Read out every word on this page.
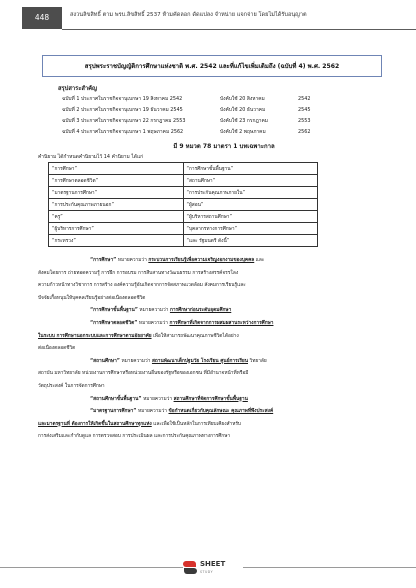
448	สงวนลิขสิทธิ์ ตาม พรบ.ลิขสิทธิ์ 2537 ห้ามคัดลอก ดัดแปลง จำหน่าย แจกจ่าย โดยไม่ได้รับอนุญาต
สรุปพระราชบัญญัติการศึกษาแห่งชาติ พ.ศ. 2542 และที่แก้ไขเพิ่มเติมถึง (ฉบับที่ 4) พ.ศ. 2562
สรุปสาระสำคัญ
ฉบับที่ 1 ประกาศในราชกิจจานุเบกษา 19 สิงหาคม 2542	บังคับใช้ 20 สิงหาคม	2542
ฉบับที่ 2 ประกาศในราชกิจจานุเบกษา 19 ธันวาคม 2545	บังคับใช้ 20 ธันวาคม	2545
ฉบับที่ 3 ประกาศในราชกิจจานุเบกษา 22 กรกฎาคม 2553	บังคับใช้ 23 กรกฎาคม	2553
ฉบับที่ 4 ประกาศในราชกิจจานุเบกษา 1 พฤษภาคม 2562	บังคับใช้ 2 พฤษภาคม	2562
มี 9 หมวด 78 มาตรา 1 บทเฉพาะกาล
คำนิยาม ได้กำหนดคำนิยามไว้ 14 คำนิยาม ได้แก่
“การศึกษา”	“การศึกษาขั้นพื้นฐาน”
“การศึกษาตลอดชีวิต”	“สถานศึกษา”
“มาตรฐานการศึกษา”	“การประกันคุณภาพภายใน”
“การประกันคุณภาพภายนอก”	“ผู้สอน”
“ครู”	“ผู้บริหารสถานศึกษา”
“ผู้บริหารการศึกษา”	“บุคลากรทางการศึกษา”
“กระทรวง”	“และ รัฐมนตรี ดังนี้”

“การศึกษา” หมายความว่า กระบวนการเรียนรู้เพื่อความเจริญงอกงามของบุคคล และ

สังคมโดยการ ถ่ายทอดความรู้ การฝึก การอบรม การสืบสานทางวัฒนธรรม การสร้างสรรค์จรรโลง

ความก้าวหน้าทางวิชาการ การสร้าง องค์ความรู้อันเกิดจากการจัดสภาพแวดล้อม สังคมการเรียนรู้และ

ปัจจัยเกื้อหนุนให้บุคคลเรียนรู้อย่างต่อเนื่องตลอดชีวิต

“การศึกษาขั้นพื้นฐาน” หมายความว่า การศึกษาก่อนระดับอุดมศึกษา

“การศึกษาตลอดชีวิต” หมายความว่า การศึกษาที่เกิดจากการผสมผสานระหว่างการศึกษา

ในระบบ การศึกษานอกระบบและการศึกษาตามอัธยาศัย เพื่อให้สามารถพัฒนาคุณภาพชีวิตได้อย่าง

ต่อเนื่องตลอดชีวิต

“สถานศึกษา” หมายความว่า สถานพัฒนาเด็กปฐมวัย โรงเรียน ศูนย์การเรียน วิทยาลัย

สถาบัน มหาวิทยาลัย หน่วยงานการศึกษาหรือหน่วยงานอื่นของรัฐหรือของเอกชน ที่มีอำนาจหน้าที่หรือมี

วัตถุประสงค์ ในการจัดการศึกษา

“สถานศึกษาขั้นพื้นฐาน” หมายความว่า สถานศึกษาที่จัดการศึกษาขั้นพื้นฐาน

“มาตรฐานการศึกษา” หมายความว่า ข้อกำหนดเกี่ยวกับคุณลักษณะ คุณภาพที่พึงประสงค์

และมาตรฐานที่ ต้องการให้เกิดขึ้นในสถานศึกษาทุกแห่ง และเพื่อใช้เป็นหลักในการเทียบเคียงสำหรับ

การส่งเสริมและกำกับดูแล การตรวจสอบ การประเมินผล และการประกันคุณภาพทางการศึกษา

SHEET
STUDY
